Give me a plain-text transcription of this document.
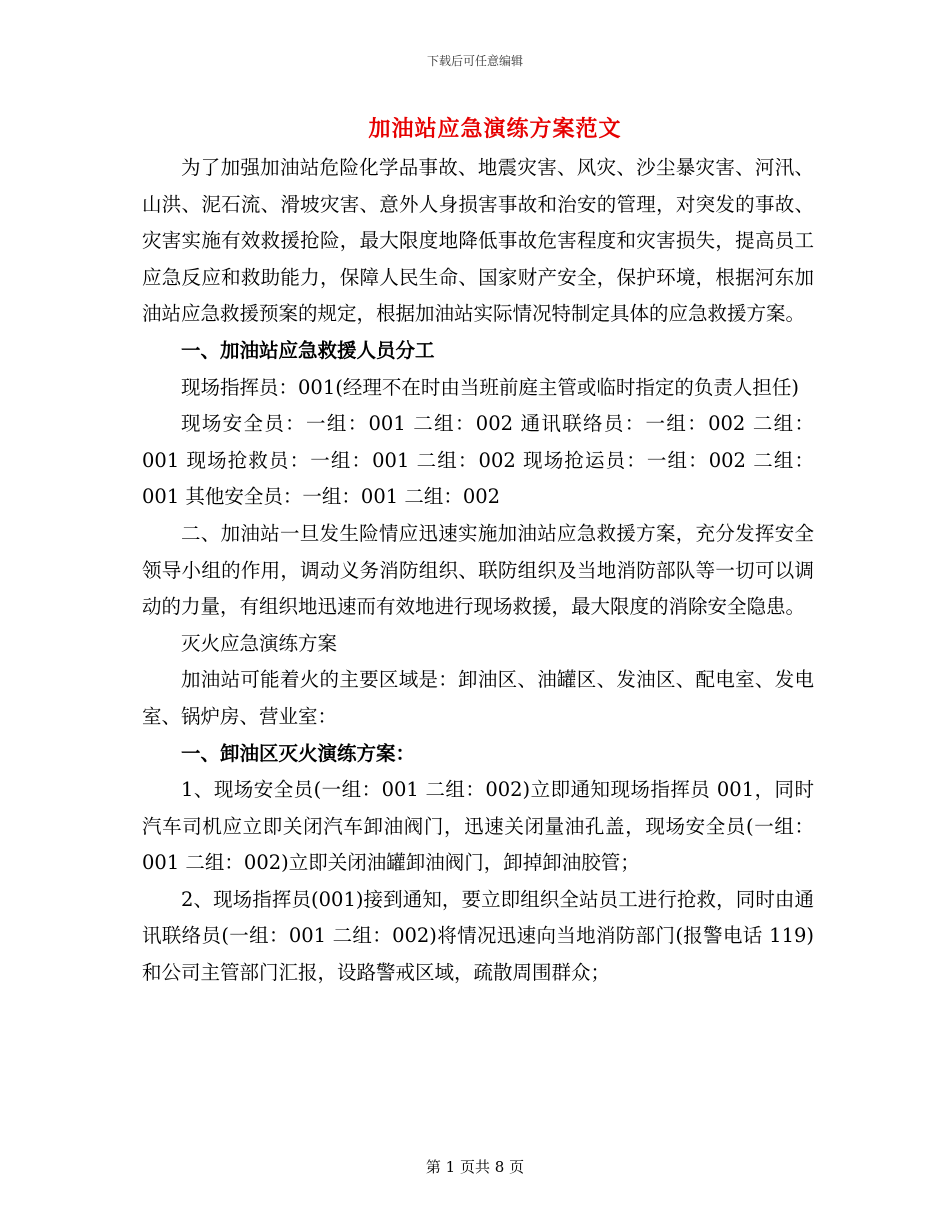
下载后可任意编辑
加油站应急演练方案范文

为了加强加油站危险化学品事故、地震灾害、风灾、沙尘暴灾害、河汛、山洪、泥石流、滑坡灾害、意外人身损害事故和治安的管理，对突发的事故、灾害实施有效救援抢险，最大限度地降低事故危害程度和灾害损失，提高员工应急反应和救助能力，保障人民生命、国家财产安全，保护环境，根据河东加油站应急救援预案的规定，根据加油站实际情况特制定具体的应急救援方案。

一、加油站应急救援人员分工

现场指挥员：001(经理不在时由当班前庭主管或临时指定的负责人担任)

现场安全员：一组：001 二组：002 通讯联络员：一组：002 二组：001 现场抢救员：一组：001 二组：002 现场抢运员：一组：002 二组：001 其他安全员：一组：001 二组：002

二、加油站一旦发生险情应迅速实施加油站应急救援方案，充分发挥安全领导小组的作用，调动义务消防组织、联防组织及当地消防部队等一切可以调动的力量，有组织地迅速而有效地进行现场救援，最大限度的消除安全隐患。

灭火应急演练方案

加油站可能着火的主要区域是：卸油区、油罐区、发油区、配电室、发电室、锅炉房、营业室：

一、卸油区灭火演练方案：

1、现场安全员(一组：001 二组：002)立即通知现场指挥员 001，同时汽车司机应立即关闭汽车卸油阀门，迅速关闭量油孔盖，现场安全员(一组：001 二组：002)立即关闭油罐卸油阀门，卸掉卸油胶管；

2、现场指挥员(001)接到通知，要立即组织全站员工进行抢救，同时由通讯联络员(一组：001 二组：002)将情况迅速向当地消防部门(报警电话 119)和公司主管部门汇报，设路警戒区域，疏散周围群众；

第 1 页共 8 页
